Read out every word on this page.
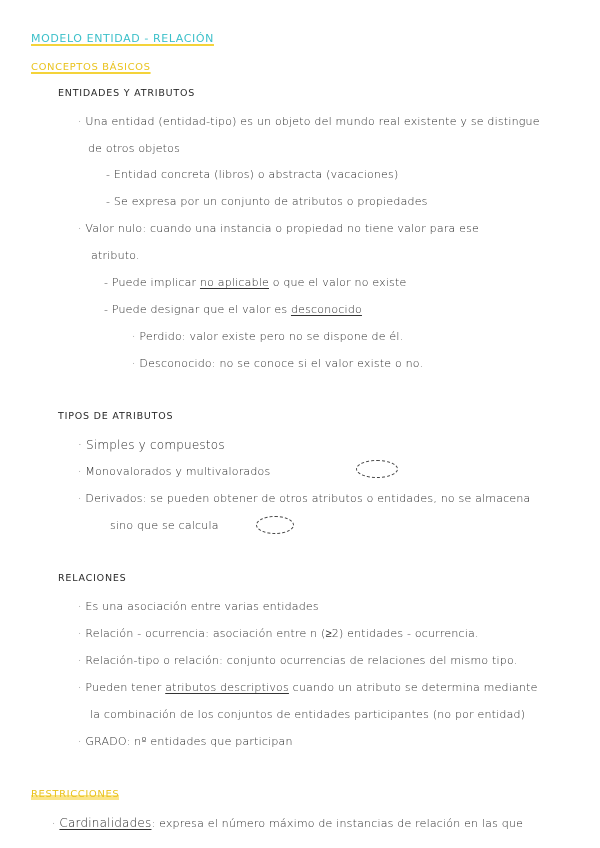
MODELO ENTIDAD - RELACIÓN
CONCEPTOS BÁSICOS
ENTIDADES Y ATRIBUTOS
· Una entidad (entidad-tipo) es un objeto del mundo real existente y se distingue
de otros objetos
- Entidad concreta (libros) o abstracta (vacaciones)
- Se expresa por un conjunto de atributos o propiedades
· Valor nulo: cuando una instancia o propiedad no tiene valor para ese
atributo.
- Puede implicar no aplicable o que el valor no existe
- Puede designar que el valor es desconocido
· Perdido: valor existe pero no se dispone de él.
· Desconocido: no se conoce si el valor existe o no.
TIPOS DE ATRIBUTOS
· Simples y compuestos
· Monovalorados y multivalorados
· Derivados: se pueden obtener de otros atributos o entidades, no se almacena
sino que se calcula
RELACIONES
· Es una asociación entre varias entidades
· Relación - ocurrencia: asociación entre n (≥2) entidades - ocurrencia.
· Relación-tipo o relación: conjunto ocurrencias de relaciones del mismo tipo.
· Pueden tener atributos descriptivos cuando un atributo se determina mediante
la combinación de los conjuntos de entidades participantes (no por entidad)
· GRADO: nº entidades que participan
RESTRICCIONES
· Cardinalidades: expresa el número máximo de instancias de relación en las que
